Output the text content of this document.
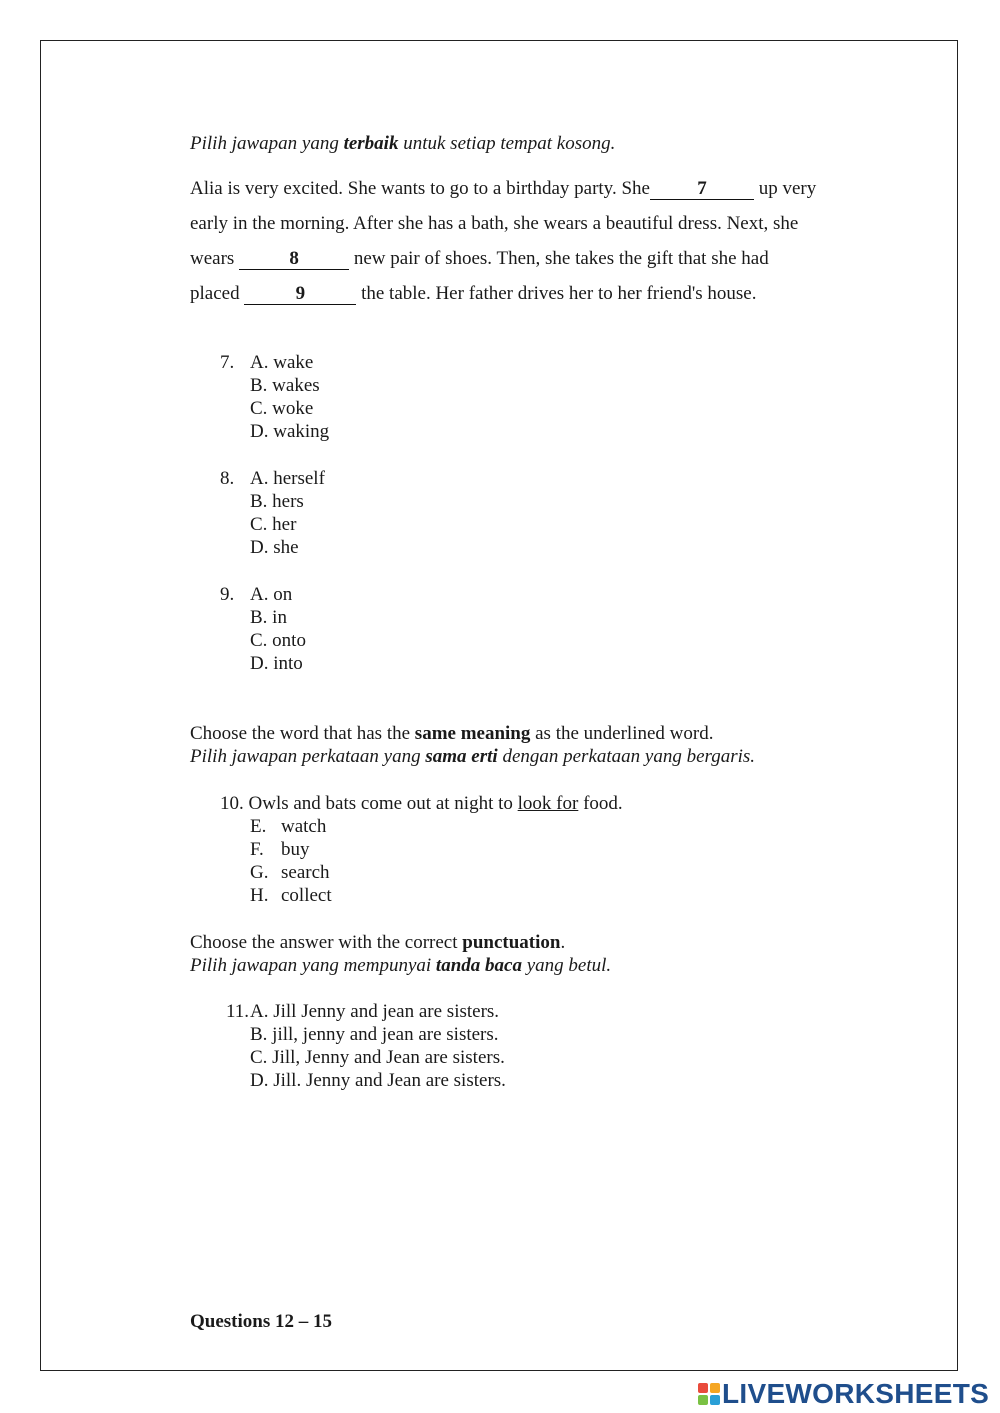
Pilih jawapan yang terbaik untuk setiap tempat kosong.
Alia is very excited. She wants to go to a birthday party. She 7 up very
early in the morning. After she has a bath, she wears a beautiful dress. Next, she
wears	8	new pair of shoes. Then, she takes the gift that she had
placed	9	the table. Her father drives her to her friend's house.
7. A. wake
B. wakes
C. woke
D. waking
8. A. herself
B. hers
C. her
D. she
9. A. on
B. in
C. onto
D. into
Choose the word that has the same meaning as the underlined word.
Pilih jawapan perkataan yang sama erti dengan perkataan yang bergaris.
10. Owls and bats come out at night to look for food.
E. watch
F. buy
G. search
H. collect
Choose the answer with the correct punctuation.
Pilih jawapan yang mempunyai tanda baca yang betul.
11. A. Jill Jenny and jean are sisters.
B. jill, jenny and jean are sisters.
C. Jill, Jenny and Jean are sisters.
D. Jill. Jenny and Jean are sisters.
Questions 12 – 15
LIVEWORKSHEETS
